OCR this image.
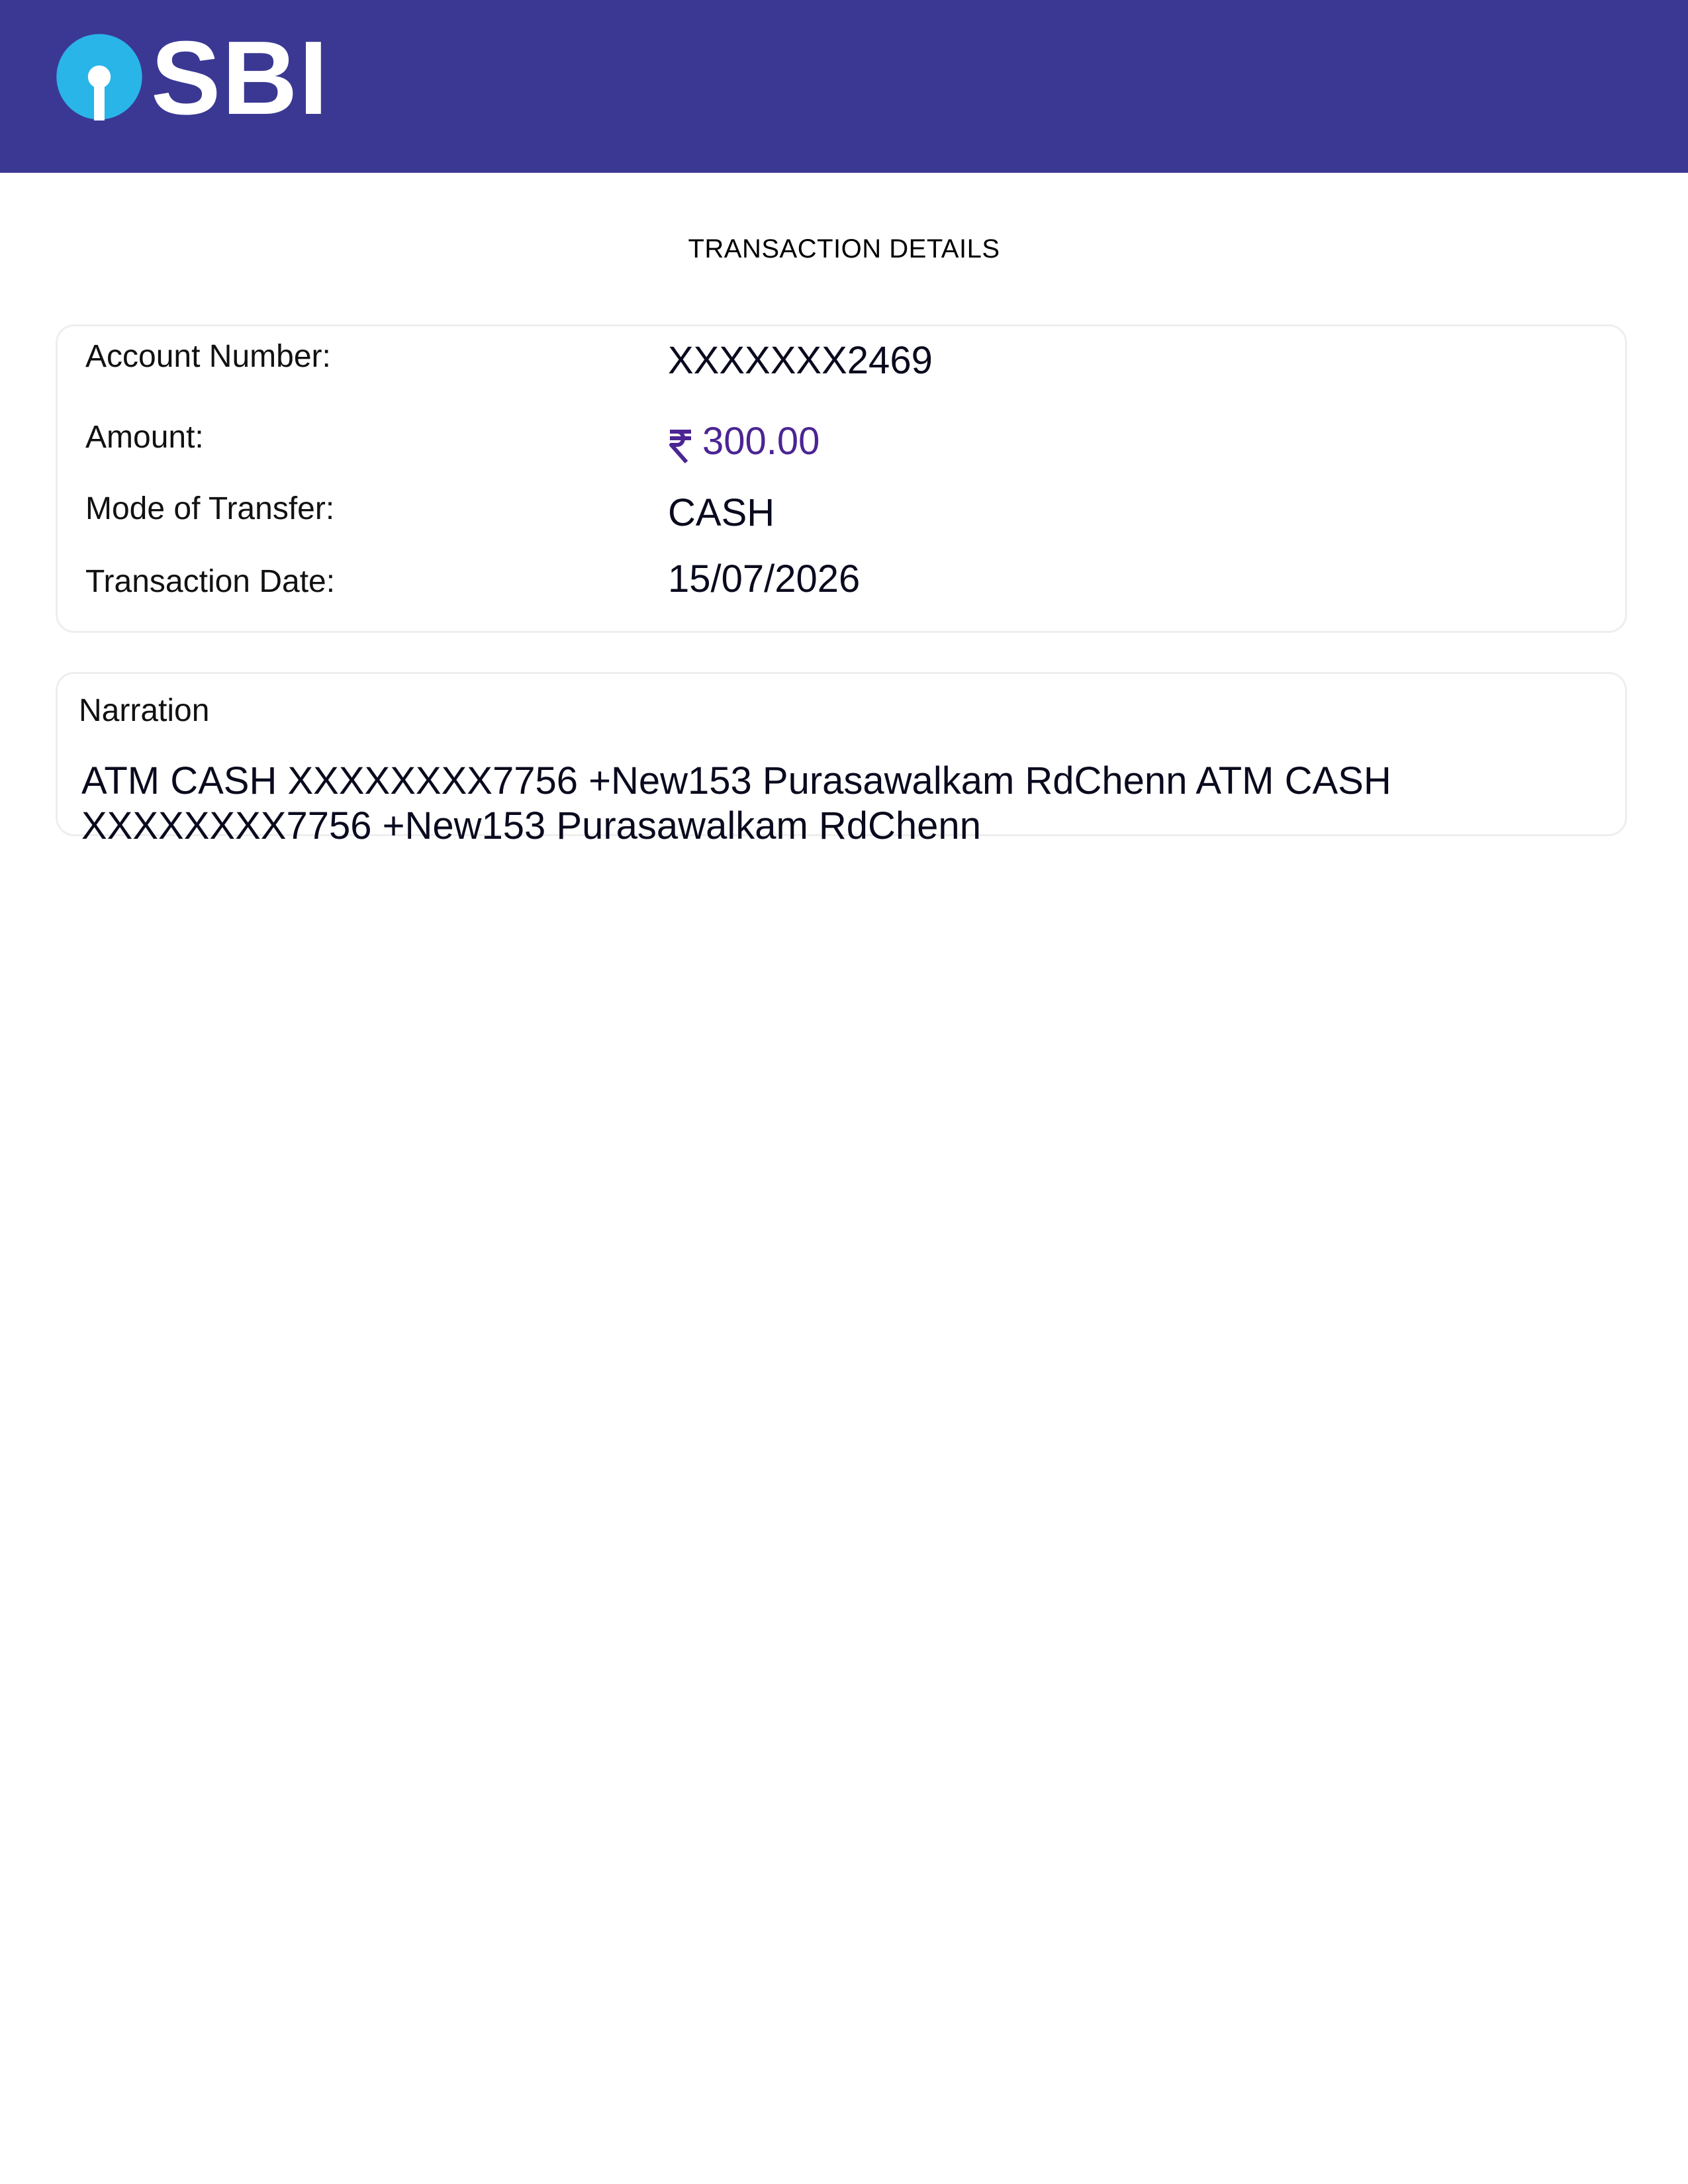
SBI
TRANSACTION DETAILS
Account Number:	XXXXXXX2469
Amount:	300.00
Mode of Transfer:	CASH
Transaction Date:	15/07/2026
Narration
ATM CASH XXXXXXXX7756 +New153 Purasawalkam RdChenn ATM CASH XXXXXXXX7756 +New153 Purasawalkam RdChenn
